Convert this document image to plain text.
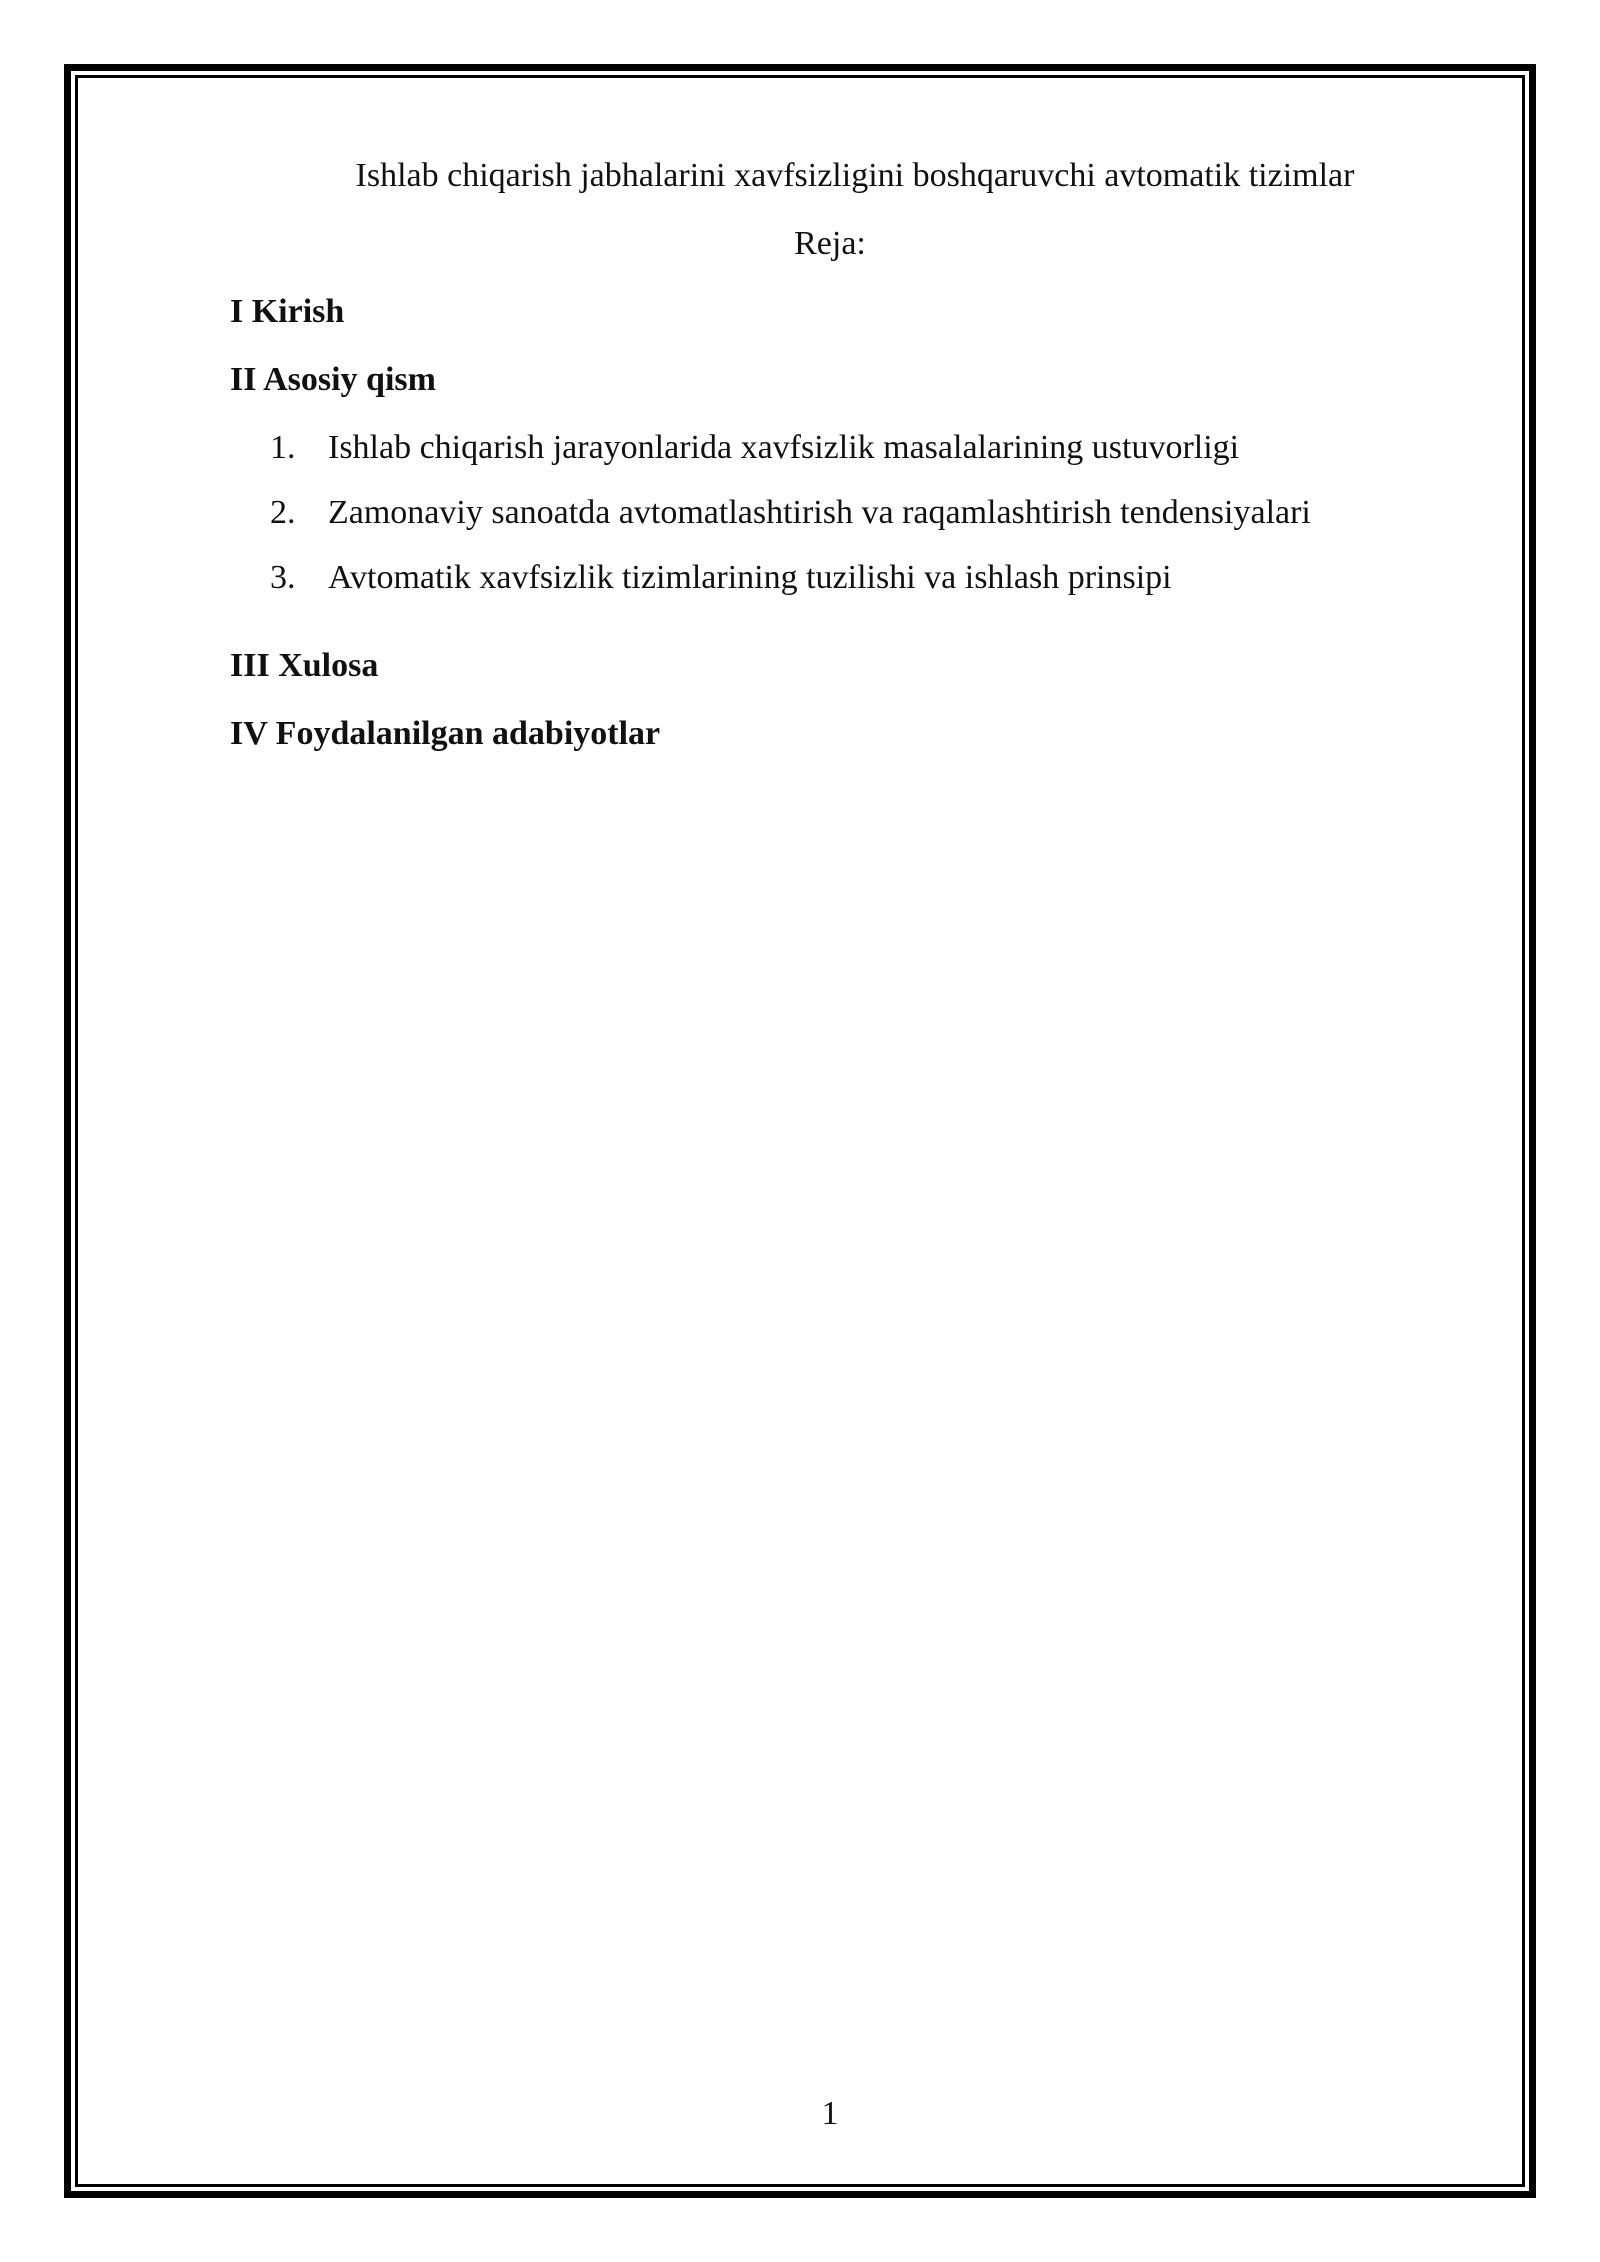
Ishlab chiqarish jabhalarini xavfsizligini boshqaruvchi avtomatik tizimlar
Reja:
I Kirish
II Asosiy qism
1. Ishlab chiqarish jarayonlarida xavfsizlik masalalarining ustuvorligi
2. Zamonaviy sanoatda avtomatlashtirish va raqamlashtirish tendensiyalari
3. Avtomatik xavfsizlik tizimlarining tuzilishi va ishlash prinsipi
III Xulosa
IV Foydalanilgan adabiyotlar
1
